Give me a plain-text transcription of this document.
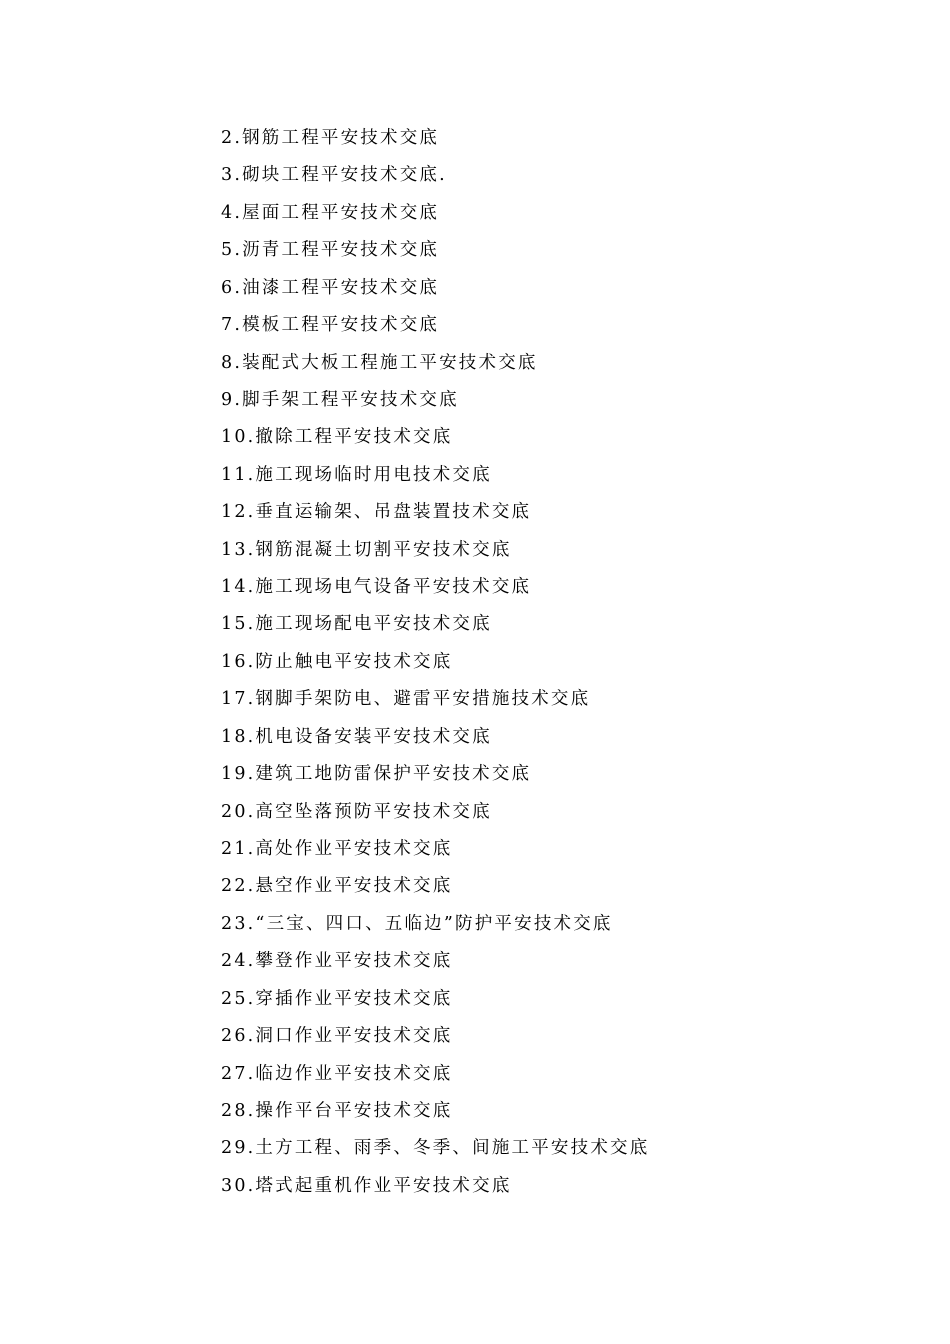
2.钢筋工程平安技术交底
3.砌块工程平安技术交底.
4.屋面工程平安技术交底
5.沥青工程平安技术交底
6.油漆工程平安技术交底
7.模板工程平安技术交底
8.装配式大板工程施工平安技术交底
9.脚手架工程平安技术交底
10.撤除工程平安技术交底
11.施工现场临时用电技术交底
12.垂直运输架、吊盘装置技术交底
13.钢筋混凝土切割平安技术交底
14.施工现场电气设备平安技术交底
15.施工现场配电平安技术交底
16.防止触电平安技术交底
17.钢脚手架防电、避雷平安措施技术交底
18.机电设备安装平安技术交底
19.建筑工地防雷保护平安技术交底
20.高空坠落预防平安技术交底
21.高处作业平安技术交底
22.悬空作业平安技术交底
23.“三宝、四口、五临边”防护平安技术交底
24.攀登作业平安技术交底
25.穿插作业平安技术交底
26.洞口作业平安技术交底
27.临边作业平安技术交底
28.操作平台平安技术交底
29.土方工程、雨季、冬季、间施工平安技术交底
30.塔式起重机作业平安技术交底
